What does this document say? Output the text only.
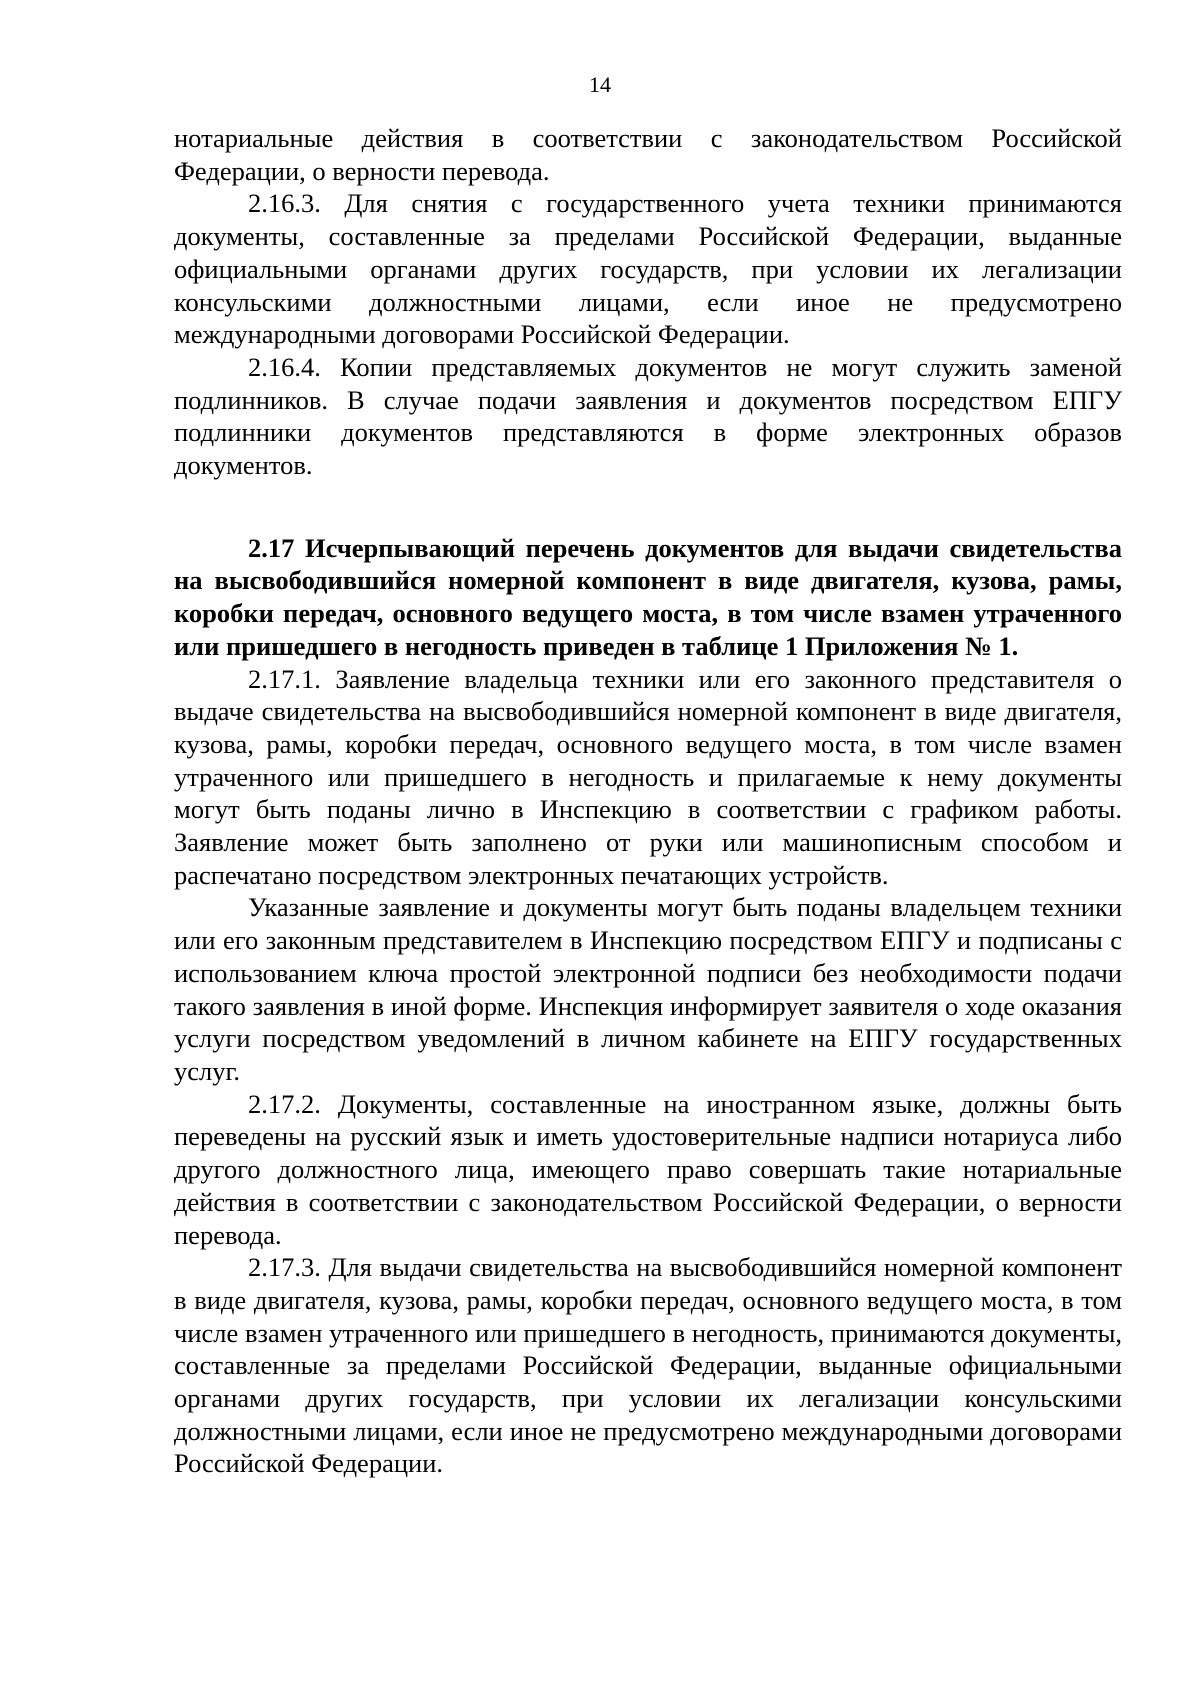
14

нотариальные действия в соответствии с законодательством Российской Федерации, о верности перевода.

2.16.3. Для снятия с государственного учета техники принимаются документы, составленные за пределами Российской Федерации, выданные официальными органами других государств, при условии их легализации консульскими должностными лицами, если иное не предусмотрено международными договорами Российской Федерации.

2.16.4. Копии представляемых документов не могут служить заменой подлинников. В случае подачи заявления и документов посредством ЕПГУ подлинники документов представляются в форме электронных образов документов.

2.17 Исчерпывающий перечень документов для выдачи свидетельства на высвободившийся номерной компонент в виде двигателя, кузова, рамы, коробки передач, основного ведущего моста, в том числе взамен утраченного или пришедшего в негодность приведен в таблице 1 Приложения № 1.

2.17.1. Заявление владельца техники или его законного представителя о выдаче свидетельства на высвободившийся номерной компонент в виде двигателя, кузова, рамы, коробки передач, основного ведущего моста, в том числе взамен утраченного или пришедшего в негодность и прилагаемые к нему документы могут быть поданы лично в Инспекцию в соответствии с графиком работы. Заявление может быть заполнено от руки или машинописным способом и распечатано посредством электронных печатающих устройств.

Указанные заявление и документы могут быть поданы владельцем техники или его законным представителем в Инспекцию посредством ЕПГУ и подписаны с использованием ключа простой электронной подписи без необходимости подачи такого заявления в иной форме. Инспекция информирует заявителя о ходе оказания услуги посредством уведомлений в личном кабинете на ЕПГУ государственных услуг.

2.17.2. Документы, составленные на иностранном языке, должны быть переведены на русский язык и иметь удостоверительные надписи нотариуса либо другого должностного лица, имеющего право совершать такие нотариальные действия в соответствии с законодательством Российской Федерации, о верности перевода.

2.17.3. Для выдачи свидетельства на высвободившийся номерной компонент в виде двигателя, кузова, рамы, коробки передач, основного ведущего моста, в том числе взамен утраченного или пришедшего в негодность, принимаются документы, составленные за пределами Российской Федерации, выданные официальными органами других государств, при условии их легализации консульскими должностными лицами, если иное не предусмотрено международными договорами Российской Федерации.
